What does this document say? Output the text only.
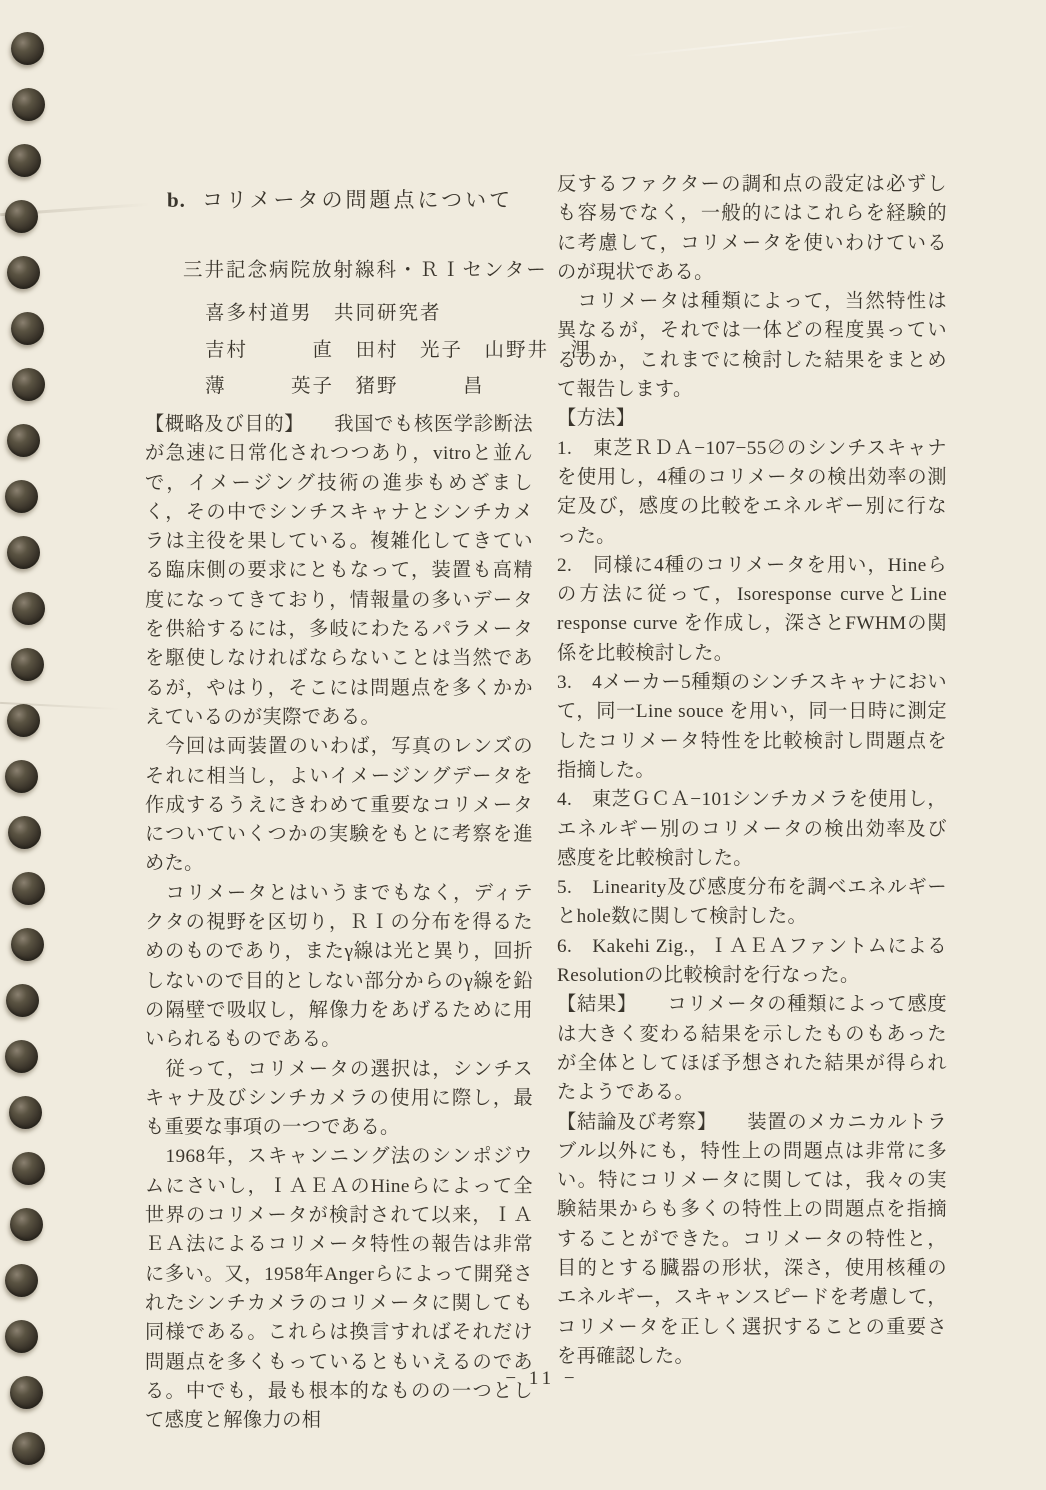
b. コリメータの問題点について

三井記念病院放射線科・ＲＩセンター

喜多村道男　共同研究者

吉村　　　直　田村　光子　山野井　浬

薄　　　英子　猪野　　　昌

【概略及び目的】　　我国でも核医学診断法が急速に日常化されつつあり，vitroと並んで，イメージング技術の進歩もめざましく，その中でシンチスキャナとシンチカメラは主役を果している。複雑化してきている臨床側の要求にともなって，装置も高精度になってきており，情報量の多いデータを供給するには，多岐にわたるパラメータを駆使しなければならないことは当然であるが，やはり，そこには問題点を多くかかえているのが実際である。

　今回は両装置のいわば，写真のレンズのそれに相当し，よいイメージングデータを作成するうえにきわめて重要なコリメータについていくつかの実験をもとに考察を進めた。

　コリメータとはいうまでもなく，ディテクタの視野を区切り，ＲＩの分布を得るためのものであり，またγ線は光と異り，回折しないので目的としない部分からのγ線を鉛の隔壁で吸収し，解像力をあげるために用いられるものである。

　従って，コリメータの選択は，シンチスキャナ及びシンチカメラの使用に際し，最も重要な事項の一つである。

　1968年，スキャンニング法のシンポジウムにさいし，ＩＡＥＡのHineらによって全世界のコリメータが検討されて以来，ＩＡＥＡ法によるコリメータ特性の報告は非常に多い。又，1958年Angerらによって開発されたシンチカメラのコリメータに関しても同様である。これらは換言すればそれだけ問題点を多くもっているともいえるのである。中でも，最も根本的なものの一つとして感度と解像力の相

反するファクターの調和点の設定は必ずしも容易でなく，一般的にはこれらを経験的に考慮して，コリメータを使いわけているのが現状である。

　コリメータは種類によって，当然特性は異なるが，それでは一体どの程度異っているのか，これまでに検討した結果をまとめて報告します。

【方法】

1.　東芝ＲＤＡ−107−55∅のシンチスキャナを使用し，4種のコリメータの検出効率の測定及び，感度の比較をエネルギー別に行なった。

2.　同様に4種のコリメータを用い，Hineらの方法に従って，Isoresponse curveとLine response curve を作成し，深さとFWHMの関係を比較検討した。

3.　4メーカー5種類のシンチスキャナにおいて，同一Line souce を用い，同一日時に測定したコリメータ特性を比較検討し問題点を指摘した。

4.　東芝ＧＣＡ−101シンチカメラを使用し，エネルギー別のコリメータの検出効率及び感度を比較検討した。

5.　Linearity及び感度分布を調べエネルギーとhole数に関して検討した。

6.　Kakehi Zig.，ＩＡＥＡファントムによるResolutionの比較検討を行なった。

【結果】　　コリメータの種類によって感度は大きく変わる結果を示したものもあったが全体としてほぼ予想された結果が得られたようである。

【結論及び考察】　　装置のメカニカルトラブル以外にも，特性上の問題点は非常に多い。特にコリメータに関しては，我々の実験結果からも多くの特性上の問題点を指摘することができた。コリメータの特性と，目的とする臓器の形状，深さ，使用核種のエネルギー，スキャンスピードを考慮して，コリメータを正しく選択することの重要さを再確認した。

− 11 −
